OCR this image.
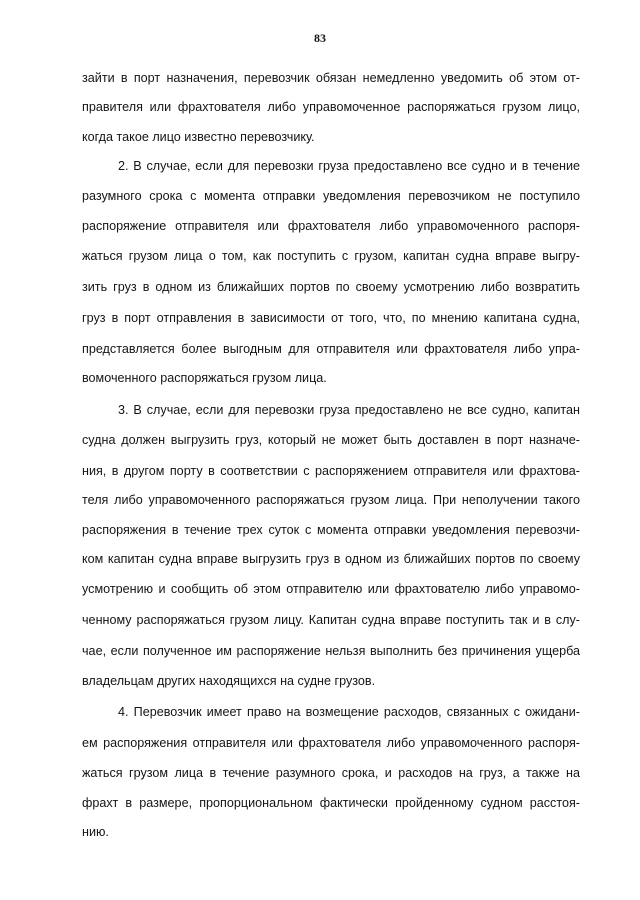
83
зайти в порт назначения, перевозчик обязан немедленно уведомить об этом от-
правителя или фрахтователя либо управомоченное распоряжаться грузом лицо,
когда такое лицо известно перевозчику.
2. В случае, если для перевозки груза предоставлено все судно и в течение
разумного срока с момента отправки уведомления перевозчиком не поступило
распоряжение отправителя или фрахтователя либо управомоченного распоря-
жаться грузом лица о том, как поступить с грузом, капитан судна вправе выгру-
зить груз в одном из ближайших портов по своему усмотрению либо возвратить
груз в порт отправления в зависимости от того, что, по мнению капитана судна,
представляется более выгодным для отправителя или фрахтователя либо упра-
вомоченного распоряжаться грузом лица.
3. В случае, если для перевозки груза предоставлено не все судно, капитан
судна должен выгрузить груз, который не может быть доставлен в порт назначе-
ния, в другом порту в соответствии с распоряжением отправителя или фрахтова-
теля либо управомоченного распоряжаться грузом лица. При неполучении такого
распоряжения в течение трех суток с момента отправки уведомления перевозчи-
ком капитан судна вправе выгрузить груз в одном из ближайших портов по своему
усмотрению и сообщить об этом отправителю или фрахтователю либо управомо-
ченному распоряжаться грузом лицу. Капитан судна вправе поступить так и в слу-
чае, если полученное им распоряжение нельзя выполнить без причинения ущерба
владельцам других находящихся на судне грузов.
4. Перевозчик имеет право на возмещение расходов, связанных с ожидани-
ем распоряжения отправителя или фрахтователя либо управомоченного распоря-
жаться грузом лица в течение разумного срока, и расходов на груз, а также на
фрахт в размере, пропорциональном фактически пройденному судном расстоя-
нию.
